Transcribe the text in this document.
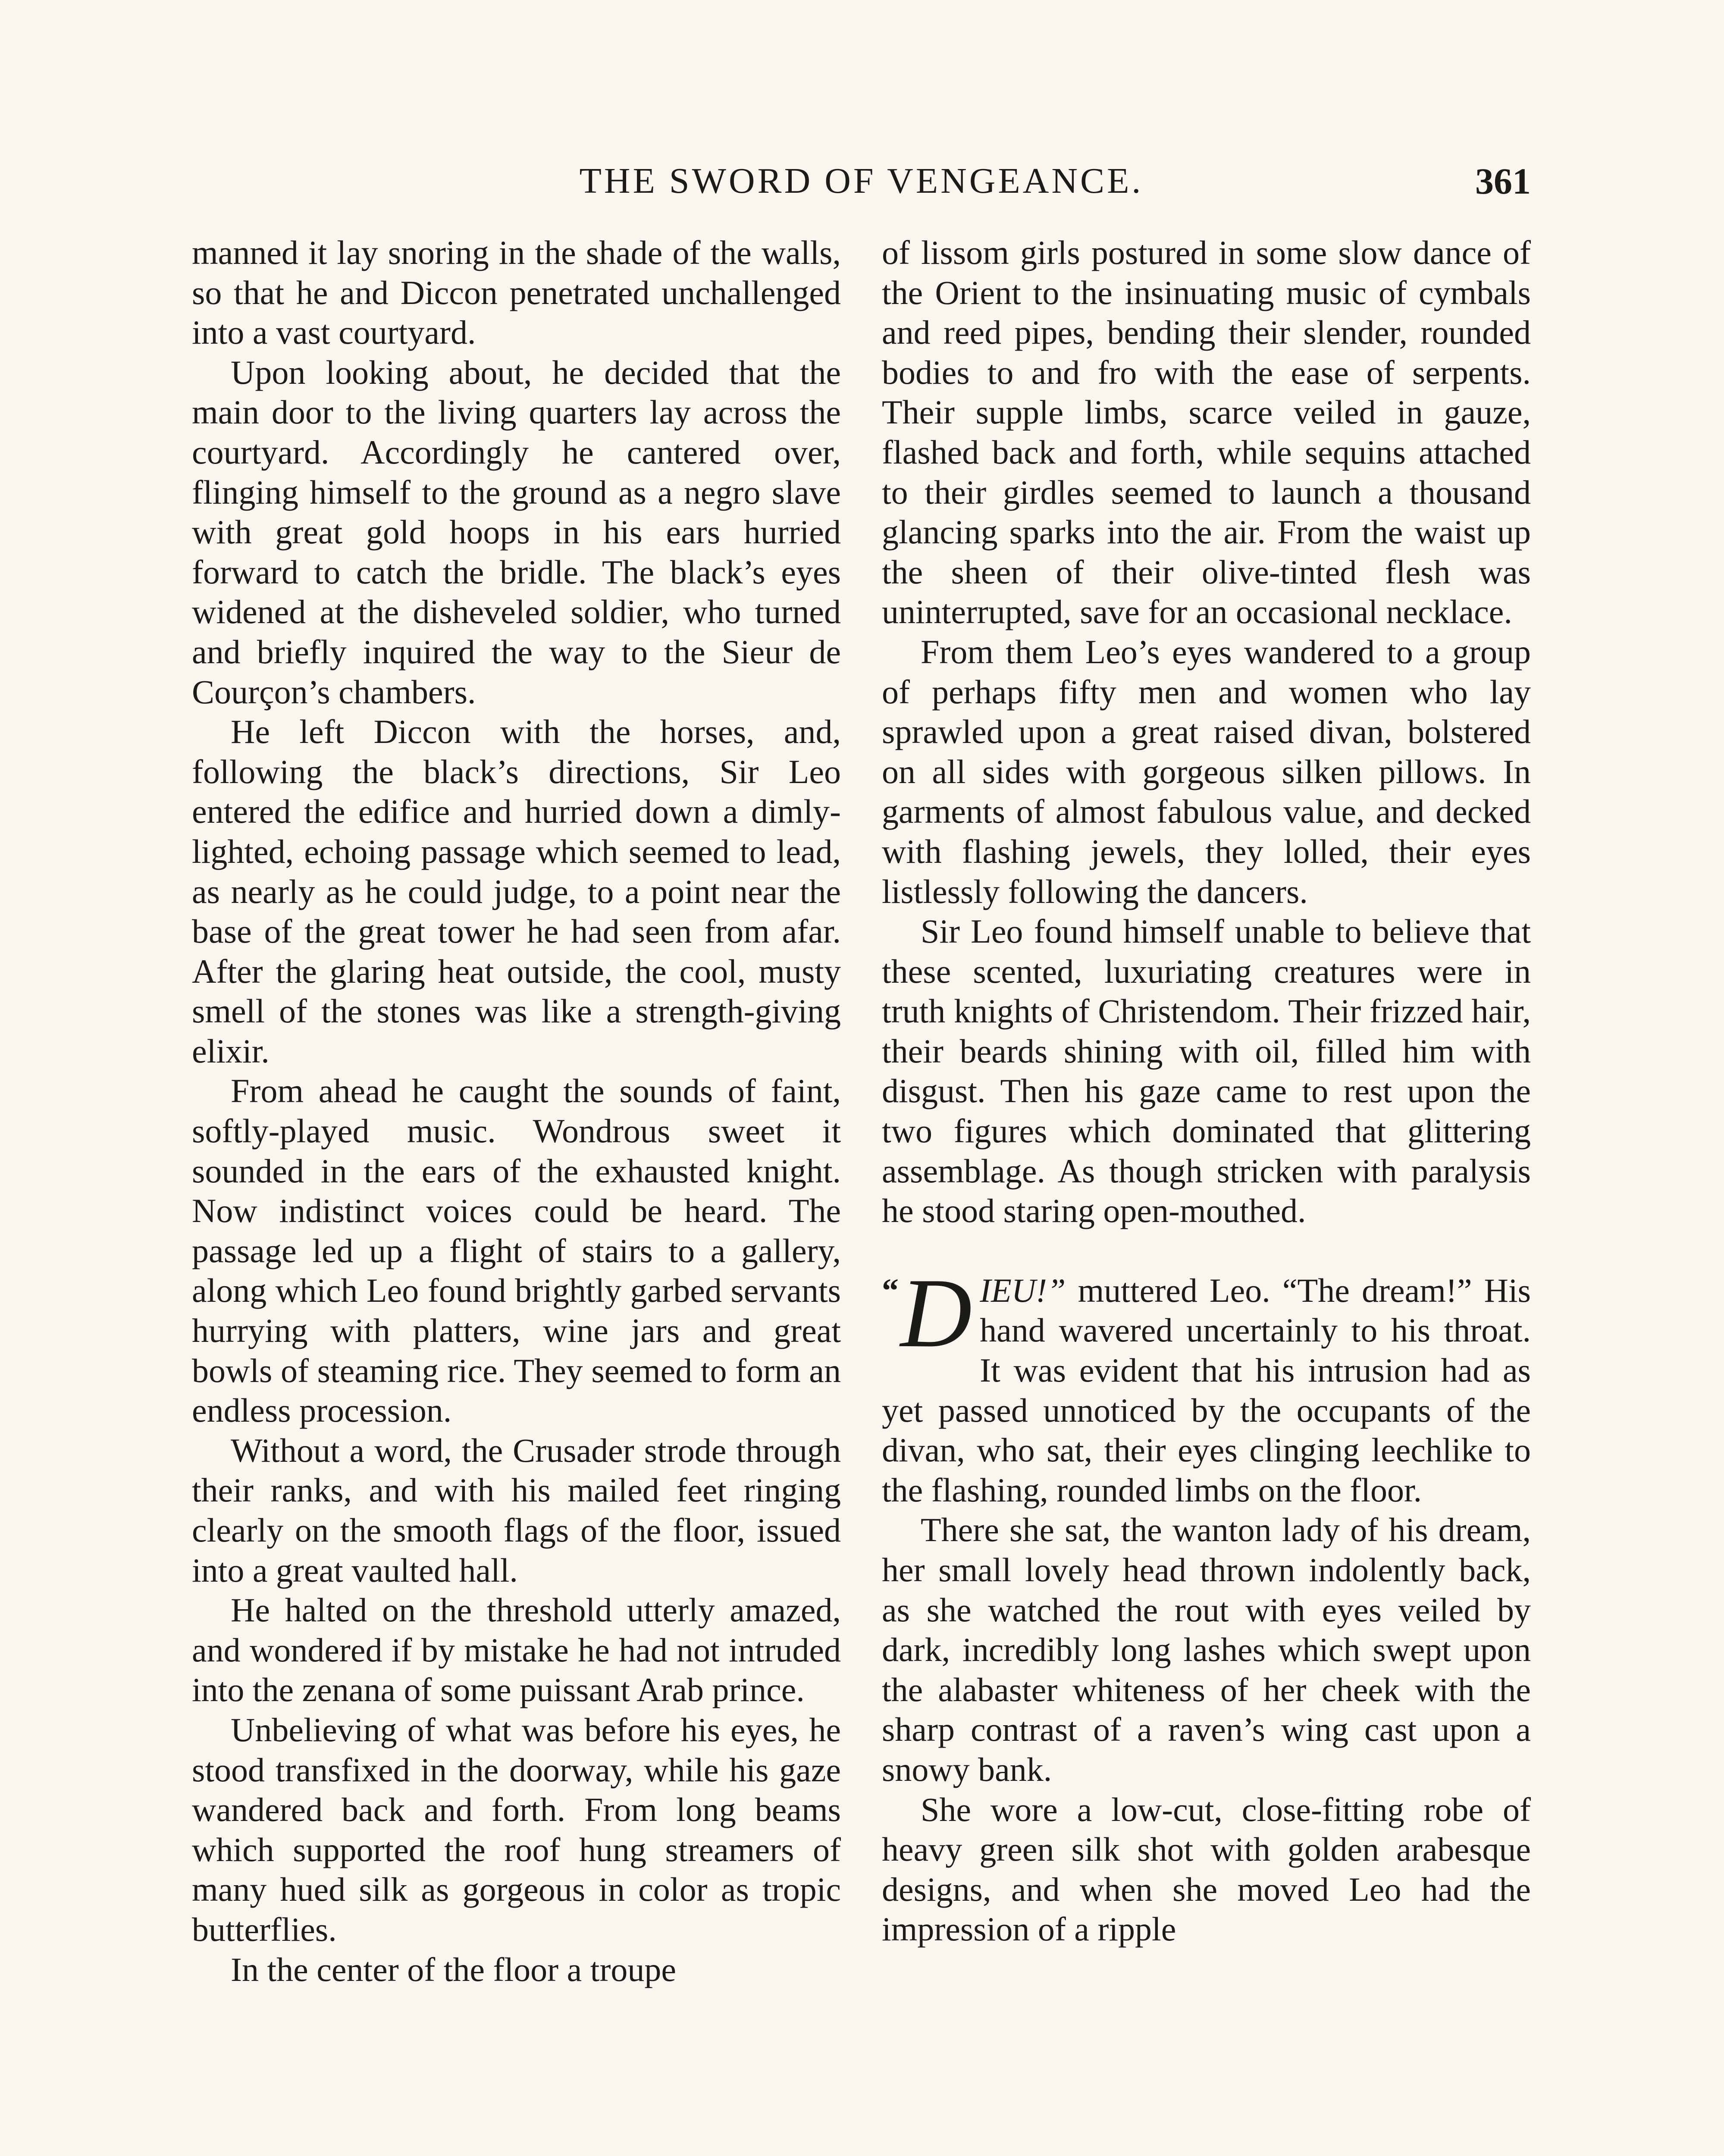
THE SWORD OF VENGEANCE.	361

manned it lay snoring in the shade of the walls, so that he and Diccon penetrated unchallenged into a vast courtyard.

Upon looking about, he decided that the main door to the living quarters lay across the courtyard. Accordingly he cantered over, flinging himself to the ground as a negro slave with great gold hoops in his ears hurried forward to catch the bridle. The black’s eyes widened at the disheveled soldier, who turned and briefly inquired the way to the Sieur de Courçon’s chambers.

He left Diccon with the horses, and, following the black’s directions, Sir Leo entered the edifice and hurried down a dimly-lighted, echoing passage which seemed to lead, as nearly as he could judge, to a point near the base of the great tower he had seen from afar. After the glaring heat outside, the cool, musty smell of the stones was like a strength-giving elixir.

From ahead he caught the sounds of faint, softly-played music. Wondrous sweet it sounded in the ears of the exhausted knight. Now indistinct voices could be heard. The passage led up a flight of stairs to a gallery, along which Leo found brightly garbed servants hurrying with platters, wine jars and great bowls of steaming rice. They seemed to form an endless procession.

Without a word, the Crusader strode through their ranks, and with his mailed feet ringing clearly on the smooth flags of the floor, issued into a great vaulted hall.

He halted on the threshold utterly amazed, and wondered if by mistake he had not intruded into the zenana of some puissant Arab prince.

Unbelieving of what was before his eyes, he stood transfixed in the doorway, while his gaze wandered back and forth. From long beams which supported the roof hung streamers of many hued silk as gorgeous in color as tropic butterflies.

In the center of the floor a troupe

of lissom girls postured in some slow dance of the Orient to the insinuating music of cymbals and reed pipes, bending their slender, rounded bodies to and fro with the ease of serpents. Their supple limbs, scarce veiled in gauze, flashed back and forth, while sequins attached to their girdles seemed to launch a thousand glancing sparks into the air. From the waist up the sheen of their olive-tinted flesh was uninterrupted, save for an occasional necklace.

From them Leo’s eyes wandered to a group of perhaps fifty men and women who lay sprawled upon a great raised divan, bolstered on all sides with gorgeous silken pillows. In garments of almost fabulous value, and decked with flashing jewels, they lolled, their eyes listlessly following the dancers.

Sir Leo found himself unable to believe that these scented, luxuriating creatures were in truth knights of Christendom. Their frizzed hair, their beards shining with oil, filled him with disgust. Then his gaze came to rest upon the two figures which dominated that glittering assemblage. As though stricken with paralysis he stood staring open-mouthed.

“ D IEU!” muttered Leo. “The dream!” His hand wavered uncertainly to his throat. It was evident that his intrusion had as yet passed unnoticed by the occupants of the divan, who sat, their eyes clinging leechlike to the flashing, rounded limbs on the floor.

There she sat, the wanton lady of his dream, her small lovely head thrown indolently back, as she watched the rout with eyes veiled by dark, incredibly long lashes which swept upon the alabaster whiteness of her cheek with the sharp contrast of a raven’s wing cast upon a snowy bank.

She wore a low-cut, close-fitting robe of heavy green silk shot with golden arabesque designs, and when she moved Leo had the impression of a ripple
